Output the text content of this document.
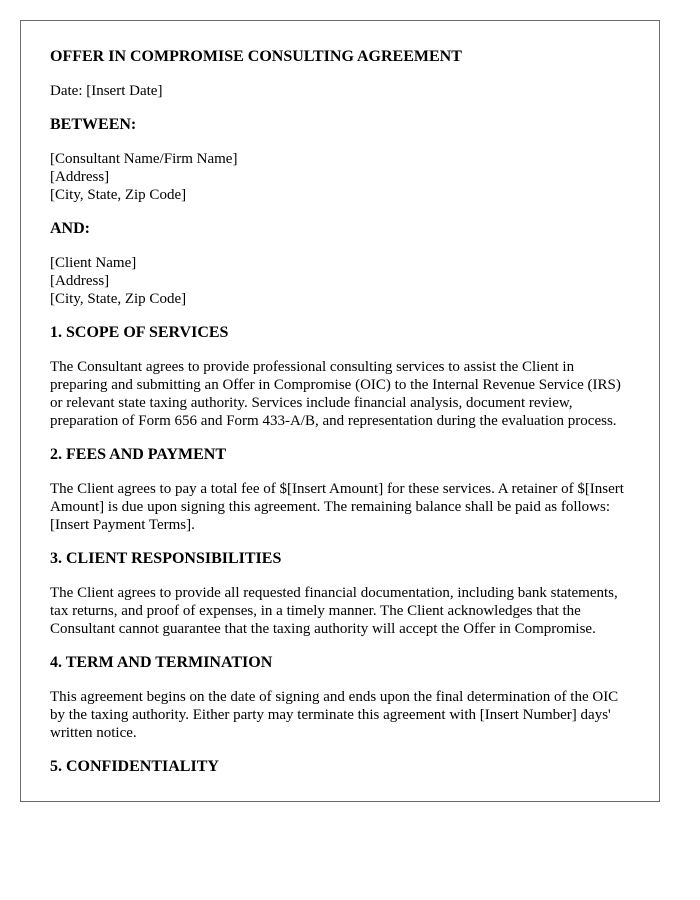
OFFER IN COMPROMISE CONSULTING AGREEMENT

Date: [Insert Date]

BETWEEN:

[Consultant Name/Firm Name]
[Address]
[City, State, Zip Code]

AND:

[Client Name]
[Address]
[City, State, Zip Code]

1. SCOPE OF SERVICES

The Consultant agrees to provide professional consulting services to assist the Client in preparing and submitting an Offer in Compromise (OIC) to the Internal Revenue Service (IRS) or relevant state taxing authority. Services include financial analysis, document review, preparation of Form 656 and Form 433-A/B, and representation during the evaluation process.

2. FEES AND PAYMENT

The Client agrees to pay a total fee of $[Insert Amount] for these services. A retainer of $[Insert Amount] is due upon signing this agreement. The remaining balance shall be paid as follows: [Insert Payment Terms].

3. CLIENT RESPONSIBILITIES

The Client agrees to provide all requested financial documentation, including bank statements, tax returns, and proof of expenses, in a timely manner. The Client acknowledges that the Consultant cannot guarantee that the taxing authority will accept the Offer in Compromise.

4. TERM AND TERMINATION

This agreement begins on the date of signing and ends upon the final determination of the OIC by the taxing authority. Either party may terminate this agreement with [Insert Number] days' written notice.

5. CONFIDENTIALITY
